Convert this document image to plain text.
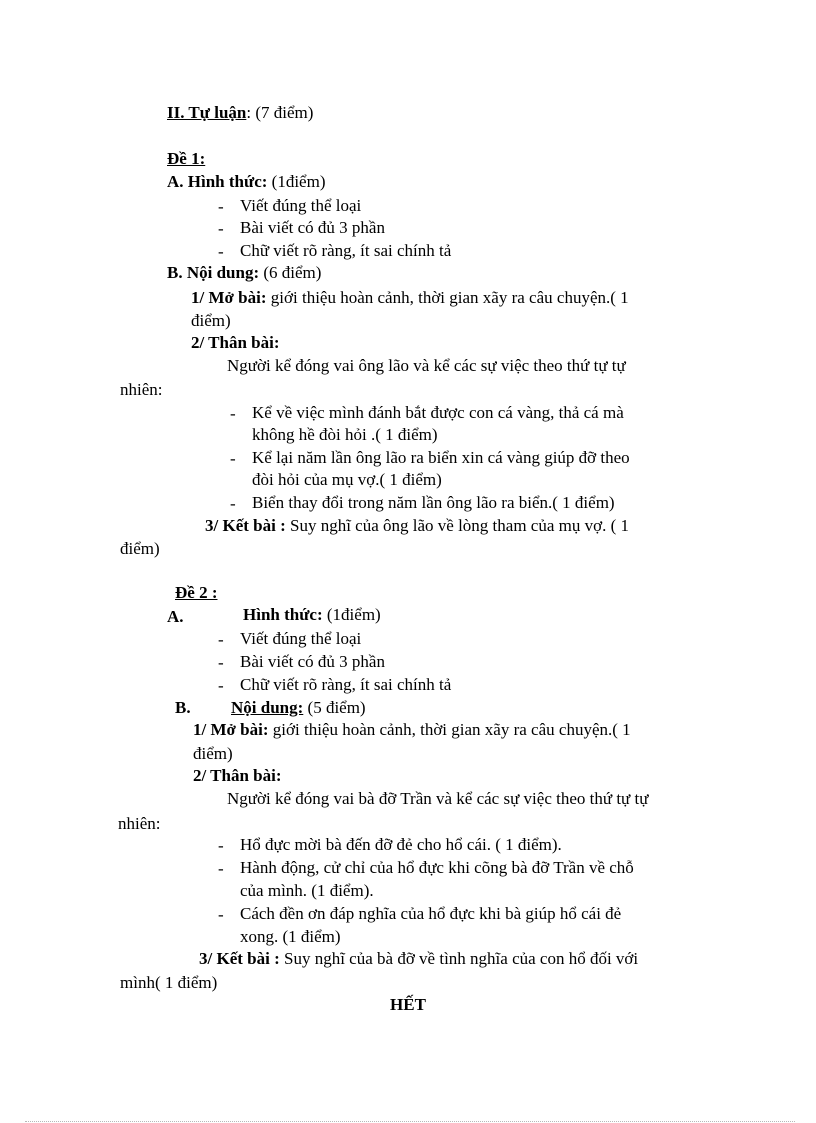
II. Tự luận: (7 điểm)
Đề 1:
A. Hình thức: (1điểm)
- Viết đúng thể loại
- Bài viết có đủ 3 phần
- Chữ viết rõ ràng, ít sai chính tả
B. Nội dung: (6 điểm)
1/ Mở bài: giới thiệu hoàn cảnh, thời gian xãy ra câu chuyện.( 1
điểm)
2/ Thân bài:
Người kể đóng vai ông lão và kể các sự việc theo thứ tự tự
nhiên:
- Kể về việc mình đánh bắt được con cá vàng, thả cá mà
không hề đòi hỏi .( 1 điểm)
- Kể lại năm lần ông lão ra biển xin cá vàng giúp đỡ theo
đòi hỏi của mụ vợ.( 1 điểm)
- Biển thay đổi trong năm lần ông lão ra biển.( 1 điểm)
3/ Kết bài : Suy nghĩ của ông lão về lòng tham của mụ vợ. ( 1
điểm)
Đề 2 :
A.	Hình thức: (1điểm)
- Viết đúng thể loại
- Bài viết có đủ 3 phần
- Chữ viết rõ ràng, ít sai chính tả
B. Nội dung: (5 điểm)
1/ Mở bài: giới thiệu hoàn cảnh, thời gian xãy ra câu chuyện.( 1
điểm)
2/ Thân bài:
Người kể đóng vai bà đỡ Trần và kể các sự việc theo thứ tự tự
nhiên:
- Hổ đực mời bà đến đỡ đẻ cho hổ cái. ( 1 điểm).
- Hành động, cử chỉ của hổ đực khi cõng bà đỡ Trần về chỗ
của mình. (1 điểm).
- Cách đền ơn đáp nghĩa của hổ đực khi bà giúp hổ cái đẻ
xong. (1 điểm)
3/ Kết bài : Suy nghĩ của bà đỡ về tình nghĩa của con hổ đối với
mình( 1 điểm)
HẾT
